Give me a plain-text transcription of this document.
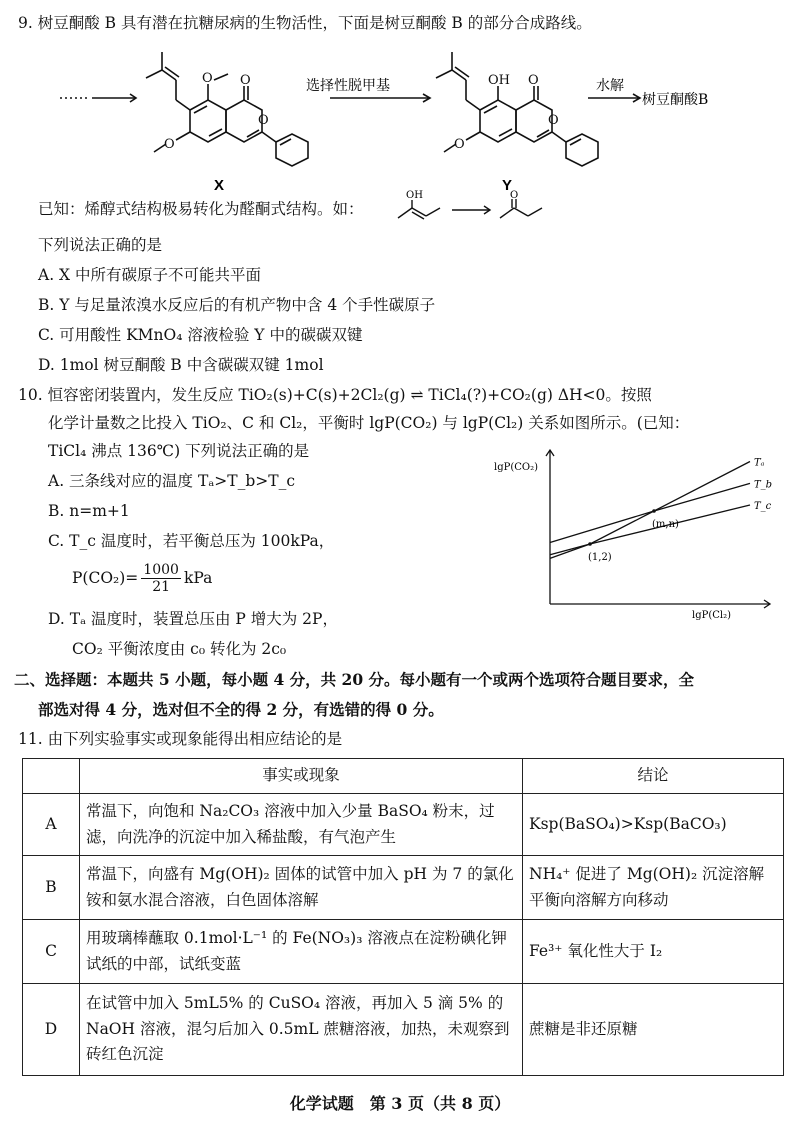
9. 树豆酮酸 B 具有潜在抗糖尿病的生物活性，下面是树豆酮酸 B 的部分合成路线。
O O
O
O
O
O
O
OH
X	Y
选择性脱甲基	水解
树豆酮酸B
已知：烯醇式结构极易转化为醛酮式结构。如：
OH	O
下列说法正确的是
A. X 中所有碳原子不可能共平面
B. Y 与足量浓溴水反应后的有机产物中含 4 个手性碳原子
C. 可用酸性 KMnO₄ 溶液检验 Y 中的碳碳双键
D. 1mol 树豆酮酸 B 中含碳碳双键 1mol
10. 恒容密闭装置内，发生反应 TiO₂(s)+C(s)+2Cl₂(g) ⇌ TiCl₄(?)+CO₂(g) ΔH<0。按照
化学计量数之比投入 TiO₂、C 和 Cl₂，平衡时 lgP(CO₂) 与 lgP(Cl₂) 关系如图所示。(已知：
TiCl₄ 沸点 136℃) 下列说法正确的是
A. 三条线对应的温度 Tₐ>T_b>T_c
B. n=m+1
C. T_c 温度时，若平衡总压为 100kPa，
$P(CO_2)= \frac{1000}{21}$ kPa
D. Tₐ 温度时，装置总压由 P 增大为 2P，
CO₂ 平衡浓度由 c₀ 转化为 2c₀
Tₐ
T_b
T_c
(1,2)
(m,n)
lgP(CO₂)
lgP(Cl₂)
二、选择题：本题共 5 小题，每小题 4 分，共 20 分。每小题有一个或两个选项符合题目要求，全
部选对得 4 分，选对但不全的得 2 分，有选错的得 0 分。
11. 由下列实验事实或现象能得出相应结论的是
	事实或现象	结论
A	常温下，向饱和 Na₂CO₃ 溶液中加入少量 BaSO₄ 粉末，过滤，向洗净的沉淀中加入稀盐酸，有气泡产生	Ksp(BaSO₄)>Ksp(BaCO₃)
B	常温下，向盛有 Mg(OH)₂ 固体的试管中加入 pH 为 7 的氯化铵和氨水混合溶液，白色固体溶解	NH₄⁺ 促进了 Mg(OH)₂ 沉淀溶解平衡向溶解方向移动
C	用玻璃棒蘸取 0.1mol·L⁻¹ 的 Fe(NO₃)₃ 溶液点在淀粉碘化钾试纸的中部，试纸变蓝	Fe³⁺ 氧化性大于 I₂
D	在试管中加入 5mL5% 的 CuSO₄ 溶液，再加入 5 滴 5% 的 NaOH 溶液，混匀后加入 0.5mL 蔗糖溶液，加热，未观察到砖红色沉淀	蔗糖是非还原糖
化学试题　第 3 页（共 8 页）
